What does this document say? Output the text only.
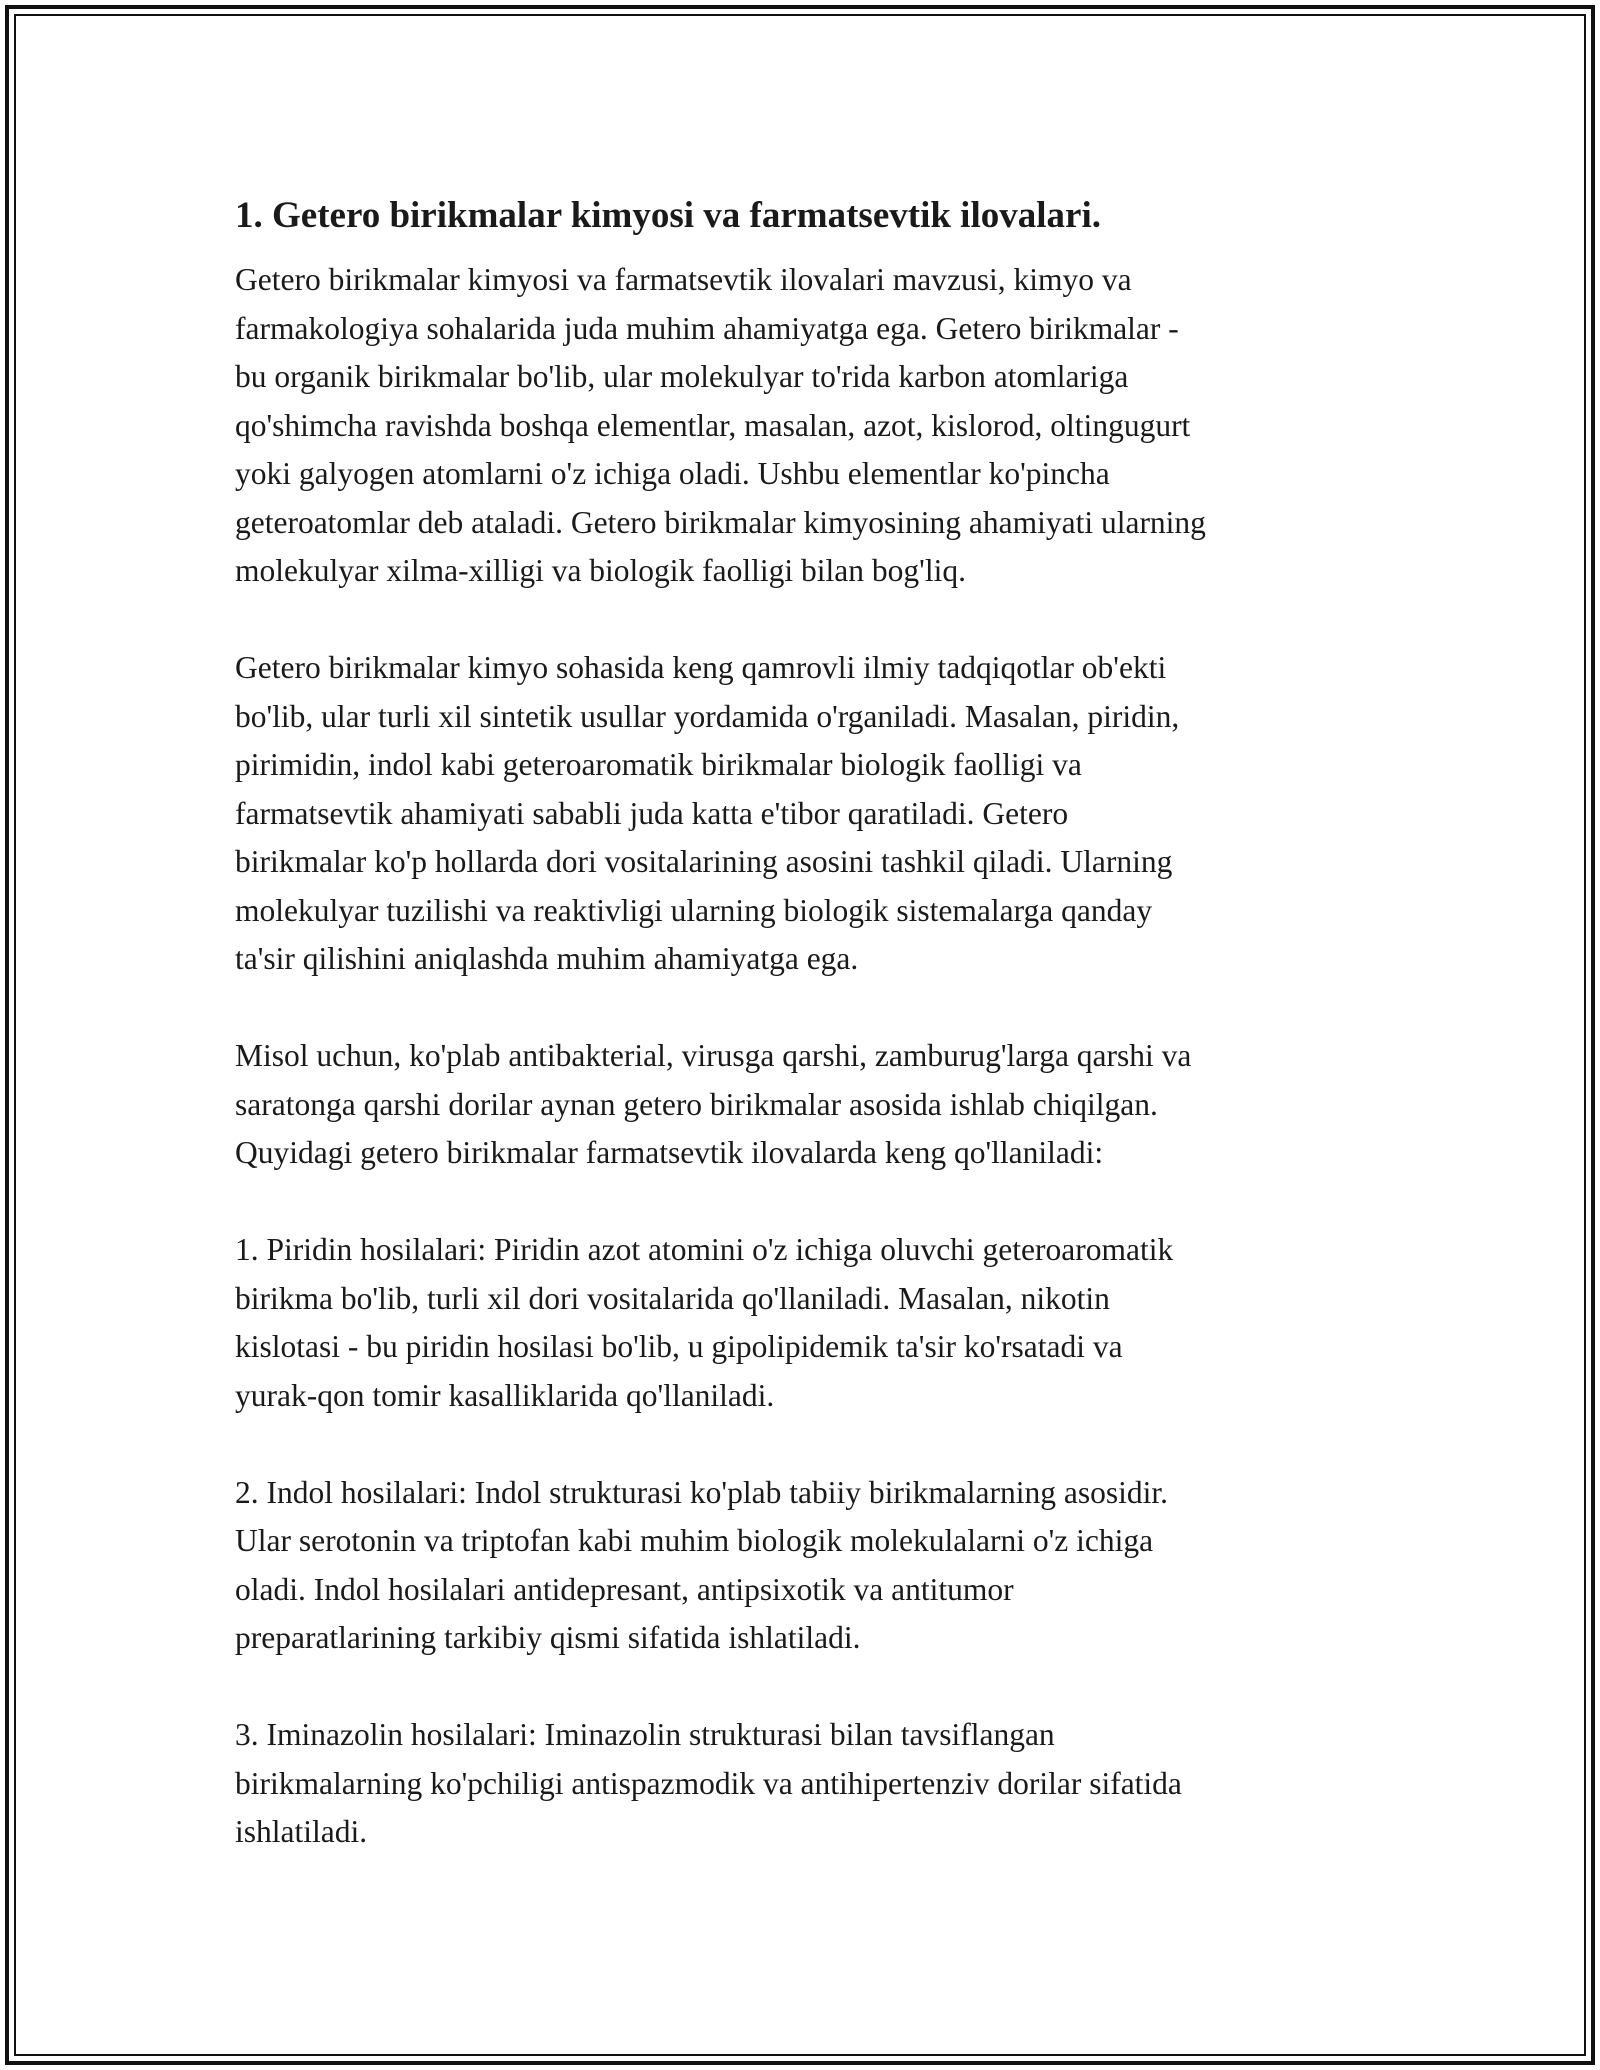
1. Getero birikmalar kimyosi va farmatsevtik ilovalari.

Getero birikmalar kimyosi va farmatsevtik ilovalari mavzusi, kimyo va
farmakologiya sohalarida juda muhim ahamiyatga ega. Getero birikmalar -
bu organik birikmalar bo'lib, ular molekulyar to'rida karbon atomlariga
qo'shimcha ravishda boshqa elementlar, masalan, azot, kislorod, oltingugurt
yoki galyogen atomlarni o'z ichiga oladi. Ushbu elementlar ko'pincha
geteroatomlar deb ataladi. Getero birikmalar kimyosining ahamiyati ularning
molekulyar xilma-xilligi va biologik faolligi bilan bog'liq.

Getero birikmalar kimyo sohasida keng qamrovli ilmiy tadqiqotlar ob'ekti
bo'lib, ular turli xil sintetik usullar yordamida o'rganiladi. Masalan, piridin,
pirimidin, indol kabi geteroaromatik birikmalar biologik faolligi va
farmatsevtik ahamiyati sababli juda katta e'tibor qaratiladi. Getero
birikmalar ko'p hollarda dori vositalarining asosini tashkil qiladi. Ularning
molekulyar tuzilishi va reaktivligi ularning biologik sistemalarga qanday
ta'sir qilishini aniqlashda muhim ahamiyatga ega.

Misol uchun, ko'plab antibakterial, virusga qarshi, zamburug'larga qarshi va
saratonga qarshi dorilar aynan getero birikmalar asosida ishlab chiqilgan.
Quyidagi getero birikmalar farmatsevtik ilovalarda keng qo'llaniladi:

1. Piridin hosilalari: Piridin azot atomini o'z ichiga oluvchi geteroaromatik
birikma bo'lib, turli xil dori vositalarida qo'llaniladi. Masalan, nikotin
kislotasi - bu piridin hosilasi bo'lib, u gipolipidemik ta'sir ko'rsatadi va
yurak-qon tomir kasalliklarida qo'llaniladi.

2. Indol hosilalari: Indol strukturasi ko'plab tabiiy birikmalarning asosidir.
Ular serotonin va triptofan kabi muhim biologik molekulalarni o'z ichiga
oladi. Indol hosilalari antidepresant, antipsixotik va antitumor
preparatlarining tarkibiy qismi sifatida ishlatiladi.

3. Iminazolin hosilalari: Iminazolin strukturasi bilan tavsiflangan
birikmalarning ko'pchiligi antispazmodik va antihipertenziv dorilar sifatida
ishlatiladi.
